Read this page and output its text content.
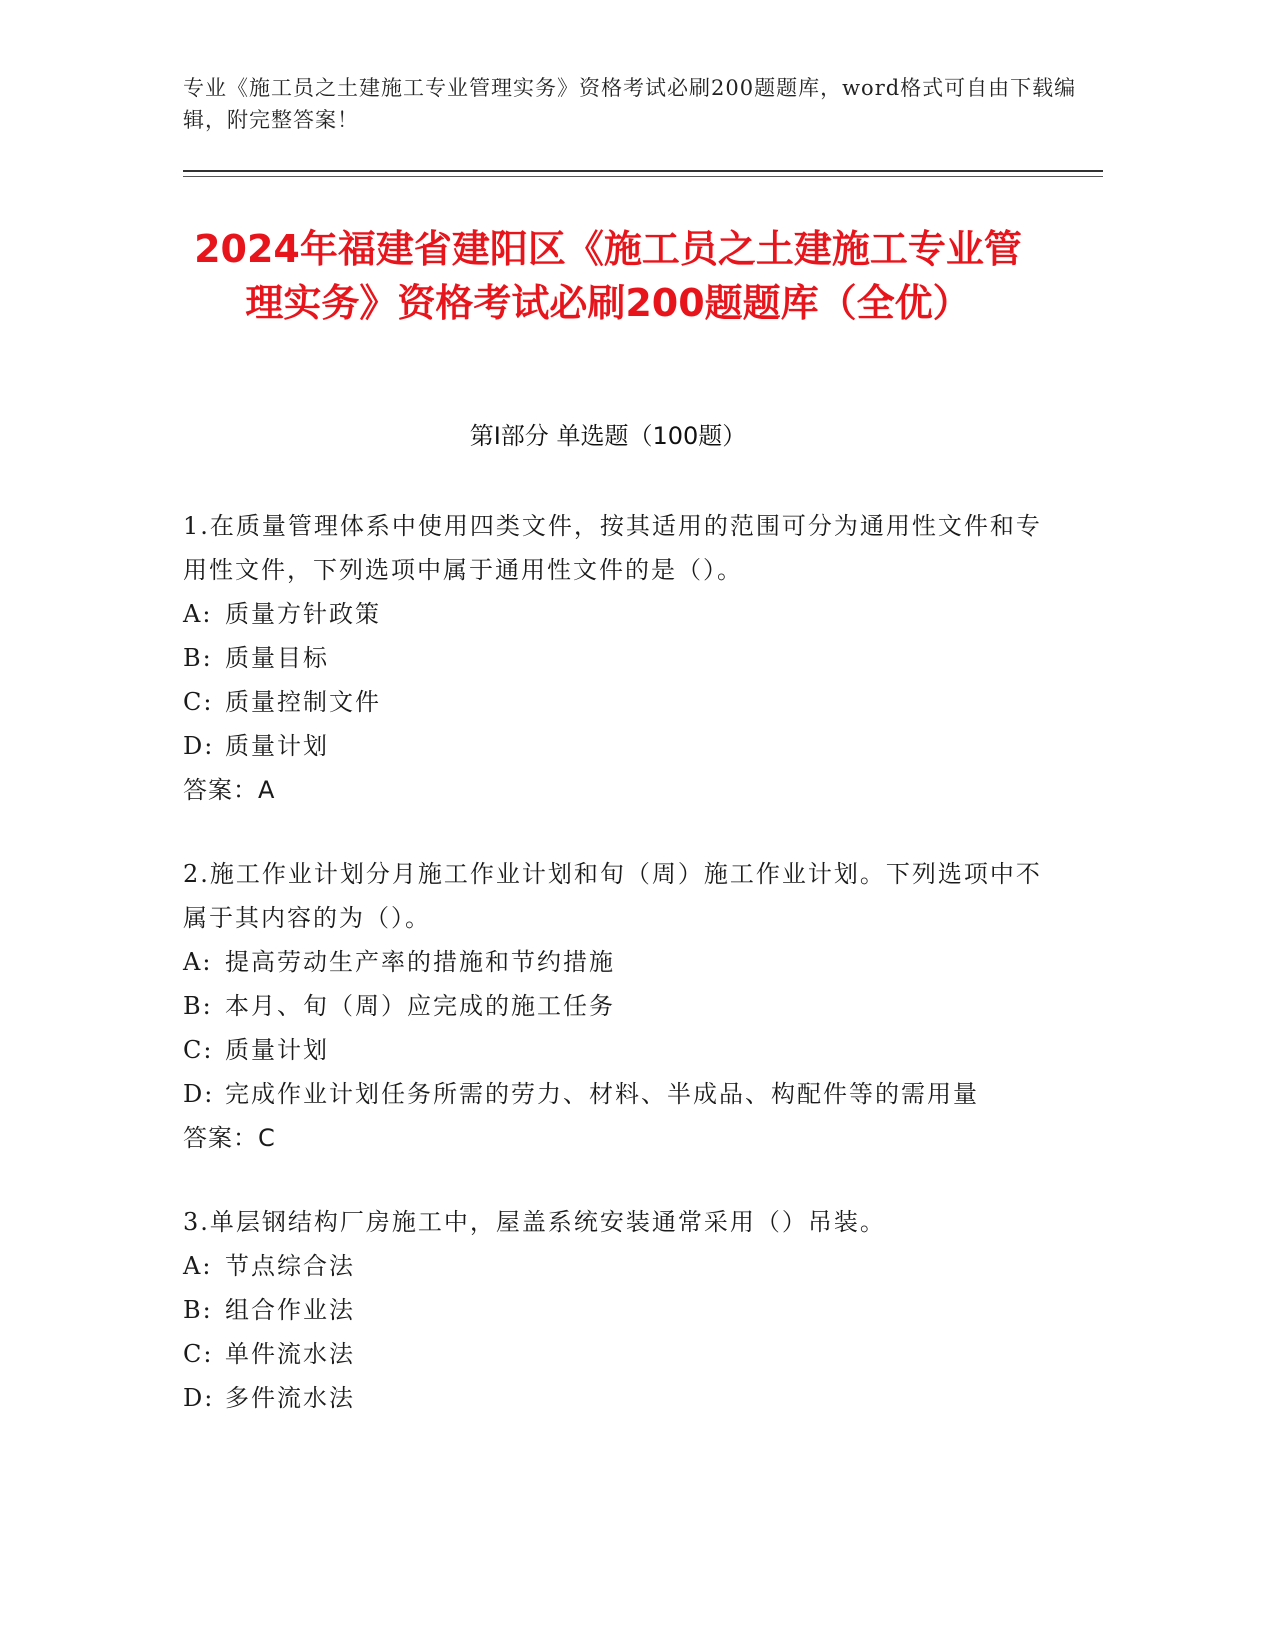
专业《施工员之土建施工专业管理实务》资格考试必刷200题题库，word格式可自由下载编辑，附完整答案！
2024年福建省建阳区《施工员之土建施工专业管理实务》资格考试必刷200题题库（全优）
第Ⅰ部分 单选题（100题）
1.在质量管理体系中使用四类文件，按其适用的范围可分为通用性文件和专用性文件，下列选项中属于通用性文件的是（）。
A: 质量方针政策
B: 质量目标
C: 质量控制文件
D: 质量计划
答案：A
2.施工作业计划分月施工作业计划和旬（周）施工作业计划。下列选项中不属于其内容的为（）。
A: 提高劳动生产率的措施和节约措施
B: 本月、旬（周）应完成的施工任务
C: 质量计划
D: 完成作业计划任务所需的劳力、材料、半成品、构配件等的需用量
答案：C
3.单层钢结构厂房施工中，屋盖系统安装通常采用（）吊装。
A: 节点综合法
B: 组合作业法
C: 单件流水法
D: 多件流水法
